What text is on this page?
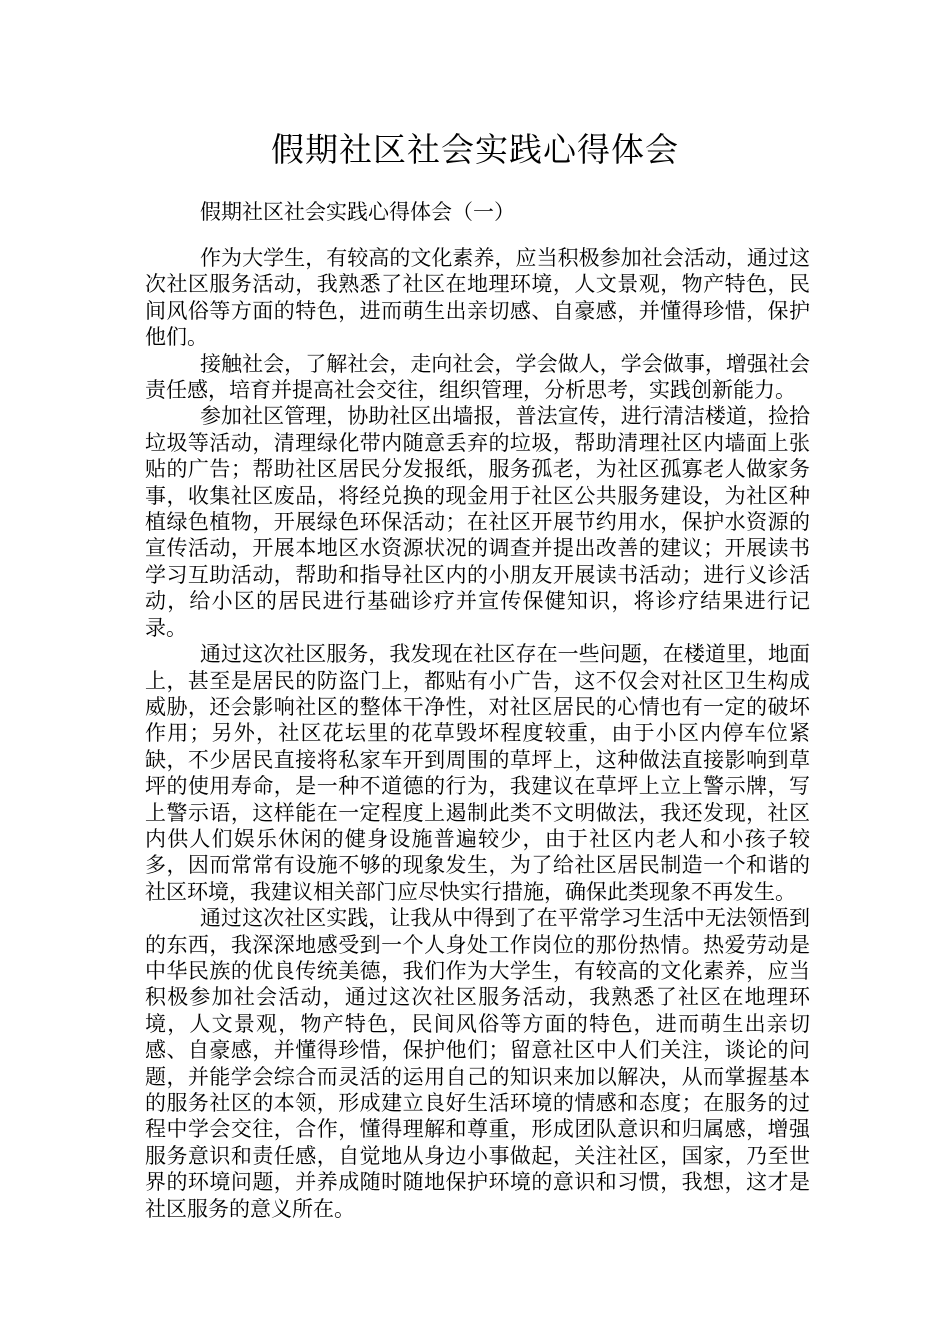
假期社区社会实践心得体会
假期社区社会实践心得体会（一）

作为大学生，有较高的文化素养，应当积极参加社会活动，通过这次社区服务活动，我熟悉了社区在地理环境，人文景观，物产特色，民间风俗等方面的特色，进而萌生出亲切感、自豪感，并懂得珍惜，保护他们。

接触社会，了解社会，走向社会，学会做人，学会做事，增强社会责任感，培育并提高社会交往，组织管理，分析思考，实践创新能力。

参加社区管理，协助社区出墙报，普法宣传，进行清洁楼道，捡拾垃圾等活动，清理绿化带内随意丢弃的垃圾，帮助清理社区内墙面上张贴的广告；帮助社区居民分发报纸，服务孤老，为社区孤寡老人做家务事，收集社区废品，将经兑换的现金用于社区公共服务建设，为社区种植绿色植物，开展绿色环保活动；在社区开展节约用水，保护水资源的宣传活动，开展本地区水资源状况的调查并提出改善的建议；开展读书学习互助活动，帮助和指导社区内的小朋友开展读书活动；进行义诊活动，给小区的居民进行基础诊疗并宣传保健知识，将诊疗结果进行记录。

通过这次社区服务，我发现在社区存在一些问题，在楼道里，地面上，甚至是居民的防盗门上，都贴有小广告，这不仅会对社区卫生构成威胁，还会影响社区的整体干净性，对社区居民的心情也有一定的破坏作用；另外，社区花坛里的花草毁坏程度较重，由于小区内停车位紧缺，不少居民直接将私家车开到周围的草坪上，这种做法直接影响到草坪的使用寿命，是一种不道德的行为，我建议在草坪上立上警示牌，写上警示语，这样能在一定程度上遏制此类不文明做法，我还发现，社区内供人们娱乐休闲的健身设施普遍较少，由于社区内老人和小孩子较多，因而常常有设施不够的现象发生，为了给社区居民制造一个和谐的社区环境，我建议相关部门应尽快实行措施，确保此类现象不再发生。

通过这次社区实践，让我从中得到了在平常学习生活中无法领悟到的东西，我深深地感受到一个人身处工作岗位的那份热情。热爱劳动是中华民族的优良传统美德，我们作为大学生，有较高的文化素养，应当积极参加社会活动，通过这次社区服务活动，我熟悉了社区在地理环境，人文景观，物产特色，民间风俗等方面的特色，进而萌生出亲切感、自豪感，并懂得珍惜，保护他们；留意社区中人们关注，谈论的问题，并能学会综合而灵活的运用自己的知识来加以解决，从而掌握基本的服务社区的本领，形成建立良好生活环境的情感和态度；在服务的过程中学会交往，合作，懂得理解和尊重，形成团队意识和归属感，增强服务意识和责任感，自觉地从身边小事做起，关注社区，国家，乃至世界的环境问题，并养成随时随地保护环境的意识和习惯，我想，这才是社区服务的意义所在。
